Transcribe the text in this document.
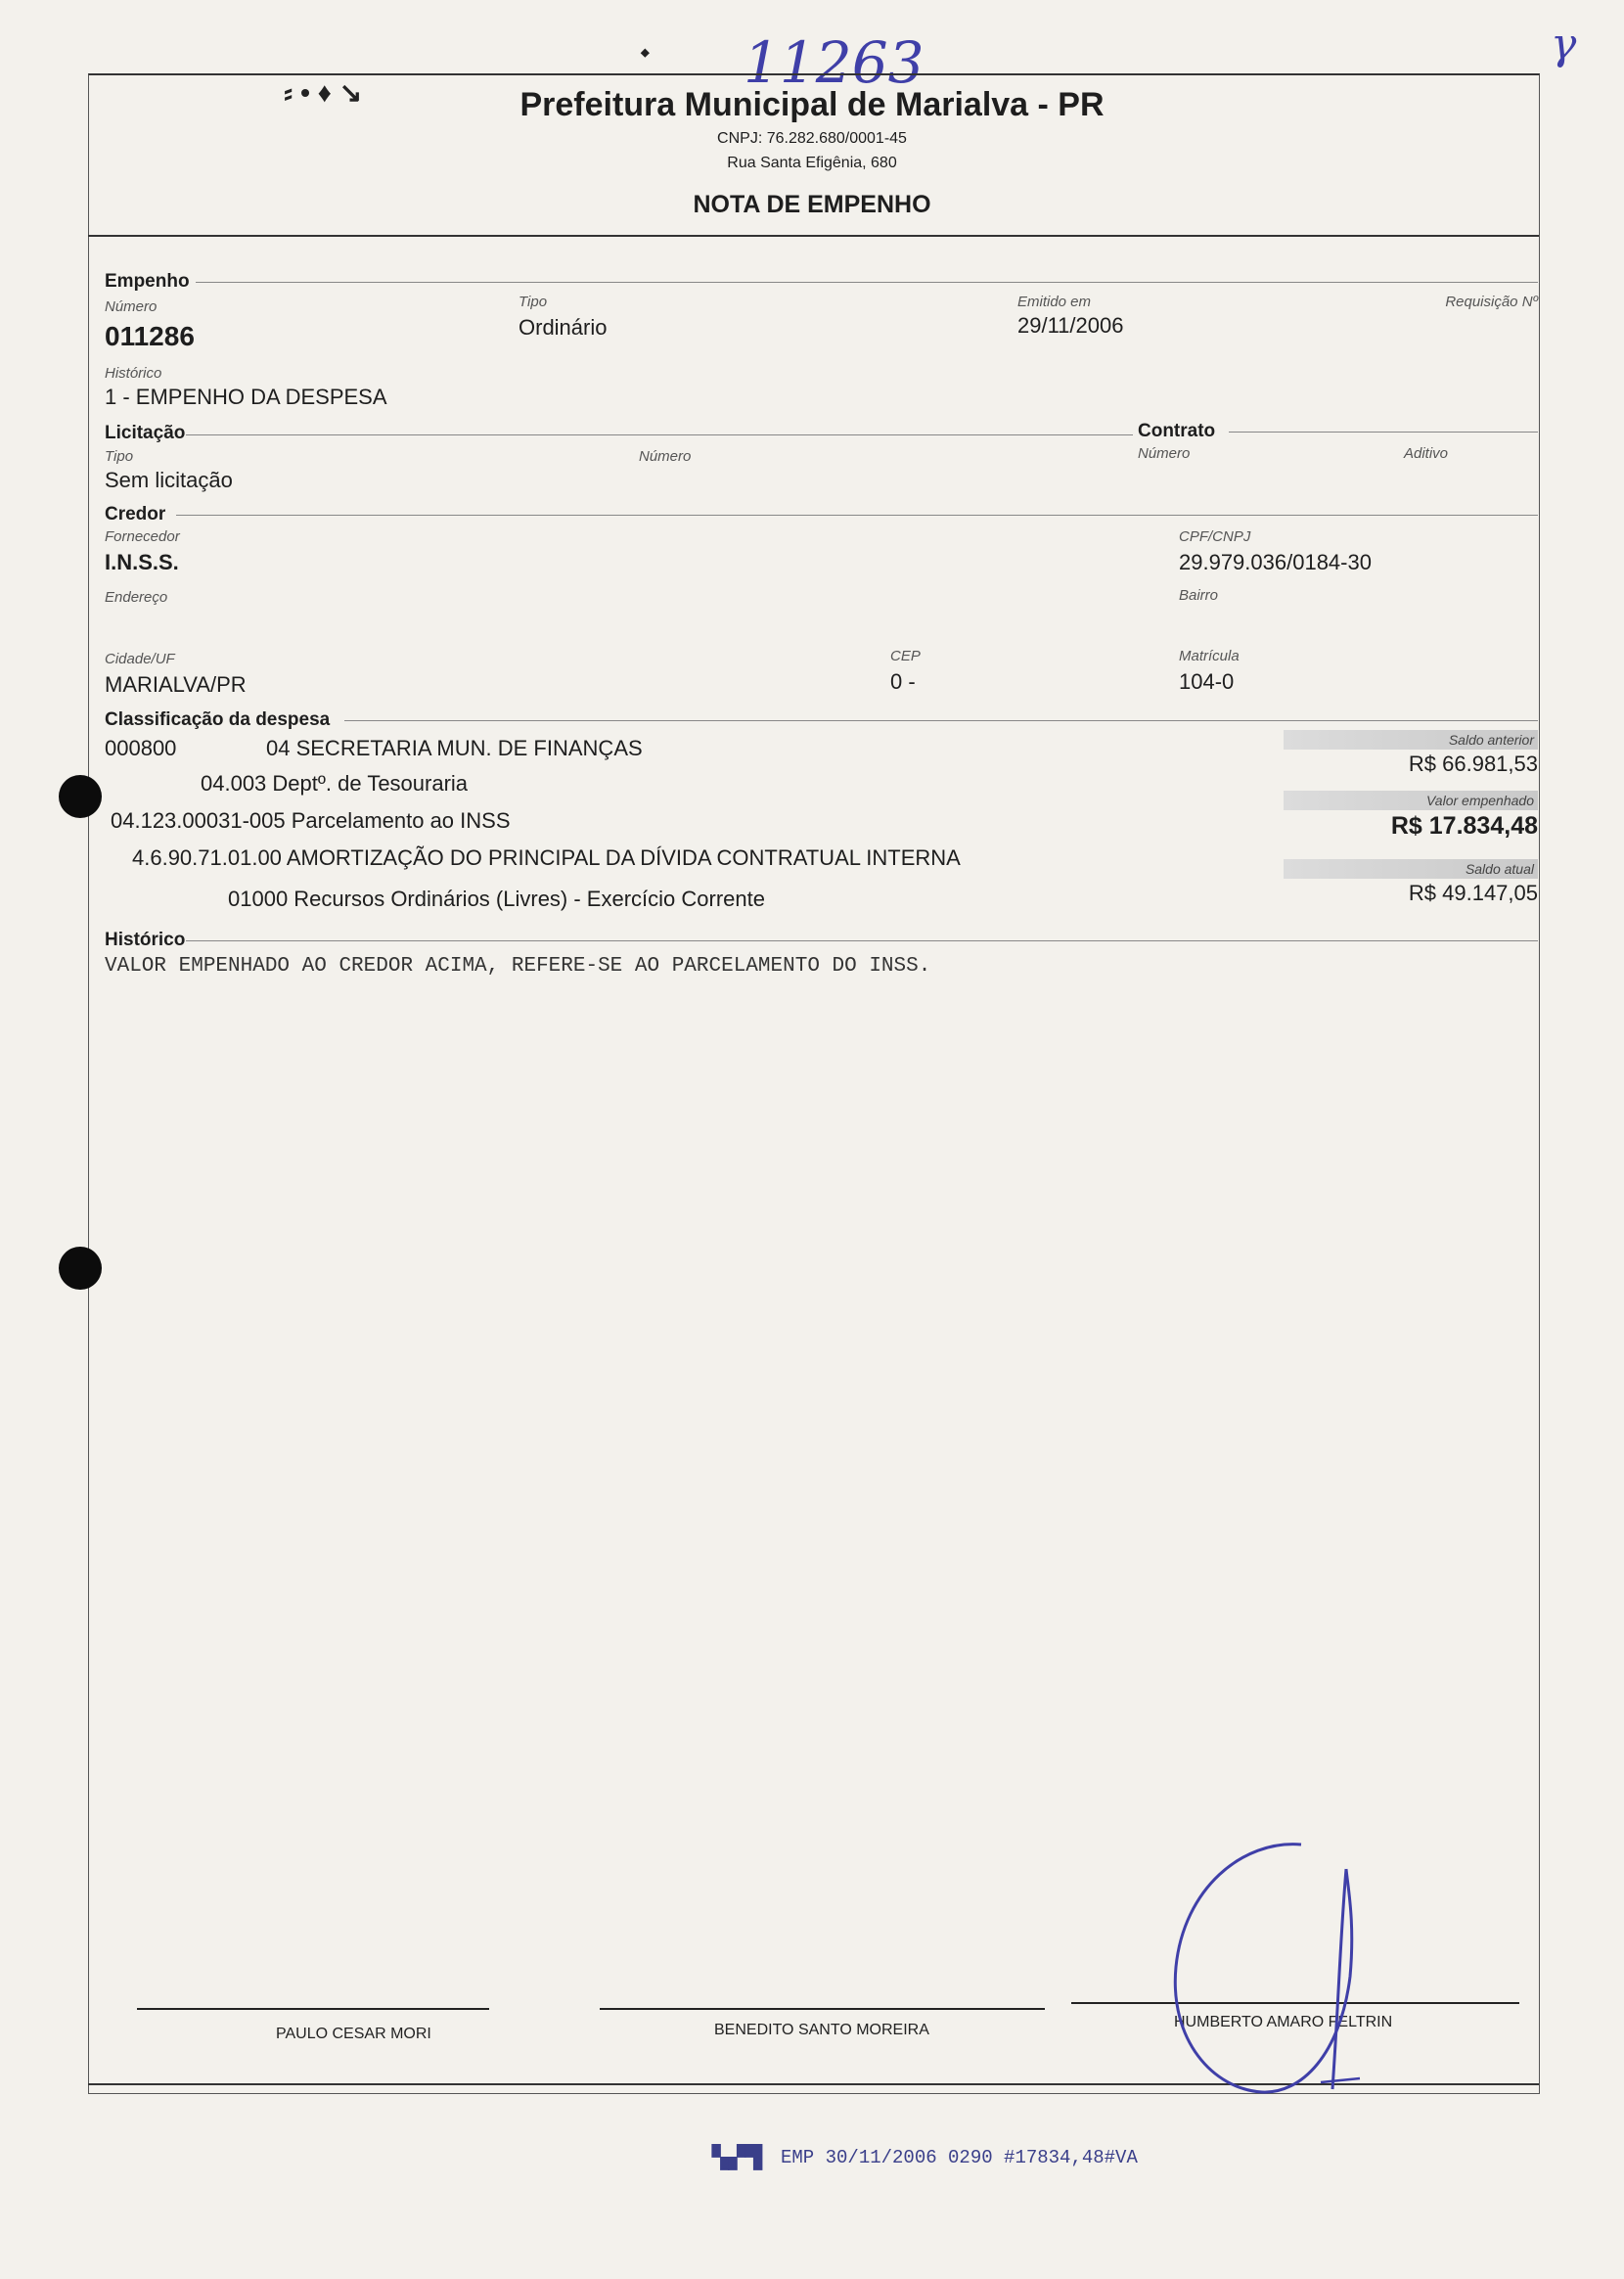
11263	γ
⸗ • ♦ ↘
⬩
Prefeitura Municipal de Marialva - PR
CNPJ: 76.282.680/0001-45
Rua Santa Efigênia, 680
NOTA DE EMPENHO
Empenho
Número
011286
Tipo
Ordinário
Emitido em
29/11/2006
Requisição Nº
Histórico
1 - EMPENHO DA DESPESA
Licitação	Contrato
Tipo
Sem licitação
Número	Número	Aditivo
Credor
Fornecedor
I.N.S.S.
CPF/CNPJ
29.979.036/0184-30
Endereço	Bairro
Cidade/UF
MARIALVA/PR
CEP
0 -
Matrícula
104-0
Classificação da despesa
000800	04 SECRETARIA MUN. DE FINANÇAS
04.003 Deptº. de Tesouraria
04.123.00031-005 Parcelamento ao INSS
4.6.90.71.01.00 AMORTIZAÇÃO DO PRINCIPAL DA DÍVIDA CONTRATUAL INTERNA
01000 Recursos Ordinários (Livres) - Exercício Corrente
Saldo anterior
R$ 66.981,53
Valor empenhado
R$ 17.834,48
Saldo atual
R$ 49.147,05
Histórico
VALOR EMPENHADO AO CREDOR ACIMA, REFERE-SE AO PARCELAMENTO DO INSS.
PAULO CESAR MORI	BENEDITO SANTO MOREIRA	HUMBERTO AMARO FELTRIN
▚▞▜ EMP 30/11/2006 0290 #17834,48#VA
